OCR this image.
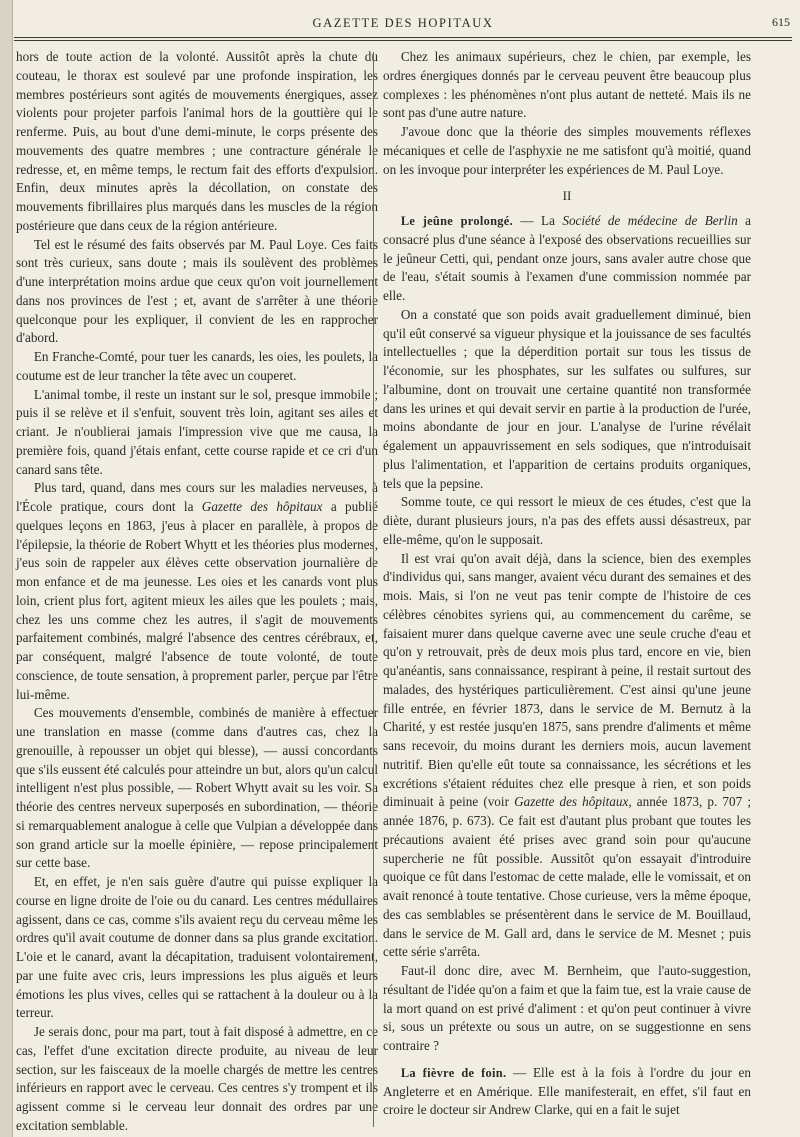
GAZETTE DES HOPITAUX	615

hors de toute action de la volonté. Aussitôt après la chute du couteau, le thorax est soulevé par une profonde inspiration, les membres postérieurs sont agités de mouvements énergiques, assez violents pour projeter parfois l'animal hors de la gouttière qui le renferme. Puis, au bout d'une demi-minute, le corps présente des mouvements des quatre membres ; une contracture générale le redresse, et, en même temps, le rectum fait des efforts d'expulsion. Enfin, deux minutes après la décollation, on constate des mouvements fibrillaires plus marqués dans les muscles de la région postérieure que dans ceux de la région antérieure.

Tel est le résumé des faits observés par M. Paul Loye. Ces faits sont très curieux, sans doute ; mais ils soulèvent des problèmes d'une interprétation moins ardue que ceux qu'on voit journellement dans nos provinces de l'est ; et, avant de s'arrêter à une théorie quelconque pour les expliquer, il convient de les en rapprocher d'abord.

En Franche-Comté, pour tuer les canards, les oies, les poulets, la coutume est de leur trancher la tête avec un couperet.

L'animal tombe, il reste un instant sur le sol, presque immobile ; puis il se relève et il s'enfuit, souvent très loin, agitant ses ailes et criant. Je n'oublierai jamais l'impression vive que me causa, la première fois, quand j'étais enfant, cette course rapide et ce cri d'un canard sans tête.

Plus tard, quand, dans mes cours sur les maladies nerveuses, à l'École pratique, cours dont la Gazette des hôpitaux a publié quelques leçons en 1863, j'eus à placer en parallèle, à propos de l'épilepsie, la théorie de Robert Whytt et les théories plus modernes, j'eus soin de rappeler aux élèves cette observation journalière de mon enfance et de ma jeunesse. Les oies et les canards vont plus loin, crient plus fort, agitent mieux les ailes que les poulets ; mais, chez les uns comme chez les autres, il s'agit de mouvements parfaitement combinés, malgré l'absence des centres cérébraux, et, par conséquent, malgré l'absence de toute volonté, de toute conscience, de toute sensation, à proprement parler, perçue par l'être lui-même.

Ces mouvements d'ensemble, combinés de manière à effectuer une translation en masse (comme dans d'autres cas, chez la grenouille, à repousser un objet qui blesse), — aussi concordants que s'ils eussent été calculés pour atteindre un but, alors qu'un calcul intelligent n'est plus possible, — Robert Whytt avait su les voir. Sa théorie des centres nerveux superposés en subordination, — théorie si remarquablement analogue à celle que Vulpian a développée dans son grand article sur la moelle épinière, — repose principalement sur cette base.

Et, en effet, je n'en sais guère d'autre qui puisse expliquer la course en ligne droite de l'oie ou du canard. Les centres médullaires agissent, dans ce cas, comme s'ils avaient reçu du cerveau même les ordres qu'il avait coutume de donner dans sa plus grande excitation. L'oie et le canard, avant la décapitation, traduisent volontairement, par une fuite avec cris, leurs impressions les plus aiguës et leurs émotions les plus vives, celles qui se rattachent à la douleur ou à la terreur.

Je serais donc, pour ma part, tout à fait disposé à admettre, en ce cas, l'effet d'une excitation directe produite, au niveau de leur section, sur les faisceaux de la moelle chargés de mettre les centres inférieurs en rapport avec le cerveau. Ces centres s'y trompent et ils agissent comme si le cerveau leur donnait des ordres par une excitation semblable.

Chez les animaux supérieurs, chez le chien, par exemple, les ordres énergiques donnés par le cerveau peuvent être beaucoup plus complexes : les phénomènes n'ont plus autant de netteté. Mais ils ne sont pas d'une autre nature.

J'avoue donc que la théorie des simples mouvements réflexes mécaniques et celle de l'asphyxie ne me satisfont qu'à moitié, quand on les invoque pour interpréter les expériences de M. Paul Loye.

II

Le jeûne prolongé. — La Société de médecine de Berlin a consacré plus d'une séance à l'exposé des observations recueillies sur le jeûneur Cetti, qui, pendant onze jours, sans avaler autre chose que de l'eau, s'était soumis à l'examen d'une commission nommée par elle.

On a constaté que son poids avait graduellement diminué, bien qu'il eût conservé sa vigueur physique et la jouissance de ses facultés intellectuelles ; que la déperdition portait sur tous les tissus de l'économie, sur les phosphates, sur les sulfates ou sulfures, sur l'albumine, dont on trouvait une certaine quantité non transformée dans les urines et qui devait servir en partie à la production de l'urée, moins abondante de jour en jour. L'analyse de l'urine révélait également un appauvrissement en sels sodiques, que n'introduisait plus l'alimentation, et l'apparition de certains produits organiques, tels que la pepsine.

Somme toute, ce qui ressort le mieux de ces études, c'est que la diète, durant plusieurs jours, n'a pas des effets aussi désastreux, par elle-même, qu'on le supposait.

Il est vrai qu'on avait déjà, dans la science, bien des exemples d'individus qui, sans manger, avaient vécu durant des semaines et des mois. Mais, si l'on ne veut pas tenir compte de l'histoire de ces célèbres cénobites syriens qui, au commencement du carême, se faisaient murer dans quelque caverne avec une seule cruche d'eau et qu'on y retrouvait, près de deux mois plus tard, encore en vie, bien qu'anéantis, sans connaissance, respirant à peine, il restait surtout des malades, des hystériques particulièrement. C'est ainsi qu'une jeune fille entrée, en février 1873, dans le service de M. Bernutz à la Charité, y est restée jusqu'en 1875, sans prendre d'aliments et même sans recevoir, du moins durant les derniers mois, aucun lavement nutritif. Bien qu'elle eût toute sa connaissance, les sécrétions et les excrétions s'étaient réduites chez elle presque à rien, et son poids diminuait à peine (voir Gazette des hôpitaux, année 1873, p. 707 ; année 1876, p. 673). Ce fait est d'autant plus probant que toutes les précautions avaient été prises avec grand soin pour qu'aucune supercherie ne fût possible. Aussitôt qu'on essayait d'introduire quoique ce fût dans l'estomac de cette malade, elle le vomissait, et on avait renoncé à toute tentative. Chose curieuse, vers la même époque, des cas semblables se présentèrent dans le service de M. Bouillaud, dans le service de M. Gall ard, dans le service de M. Mesnet ; puis cette série s'arrêta.

Faut-il donc dire, avec M. Bernheim, que l'auto-suggestion, résultant de l'idée qu'on a faim et que la faim tue, est la vraie cause de la mort quand on est privé d'aliment : et qu'on peut continuer à vivre si, sous un prétexte ou sous un autre, on se suggestionne en sens contraire ?

La fièvre de foin. — Elle est à la fois à l'ordre du jour en Angleterre et en Amérique. Elle manifesterait, en effet, s'il faut en croire le docteur sir Andrew Clarke, qui en a fait le sujet
